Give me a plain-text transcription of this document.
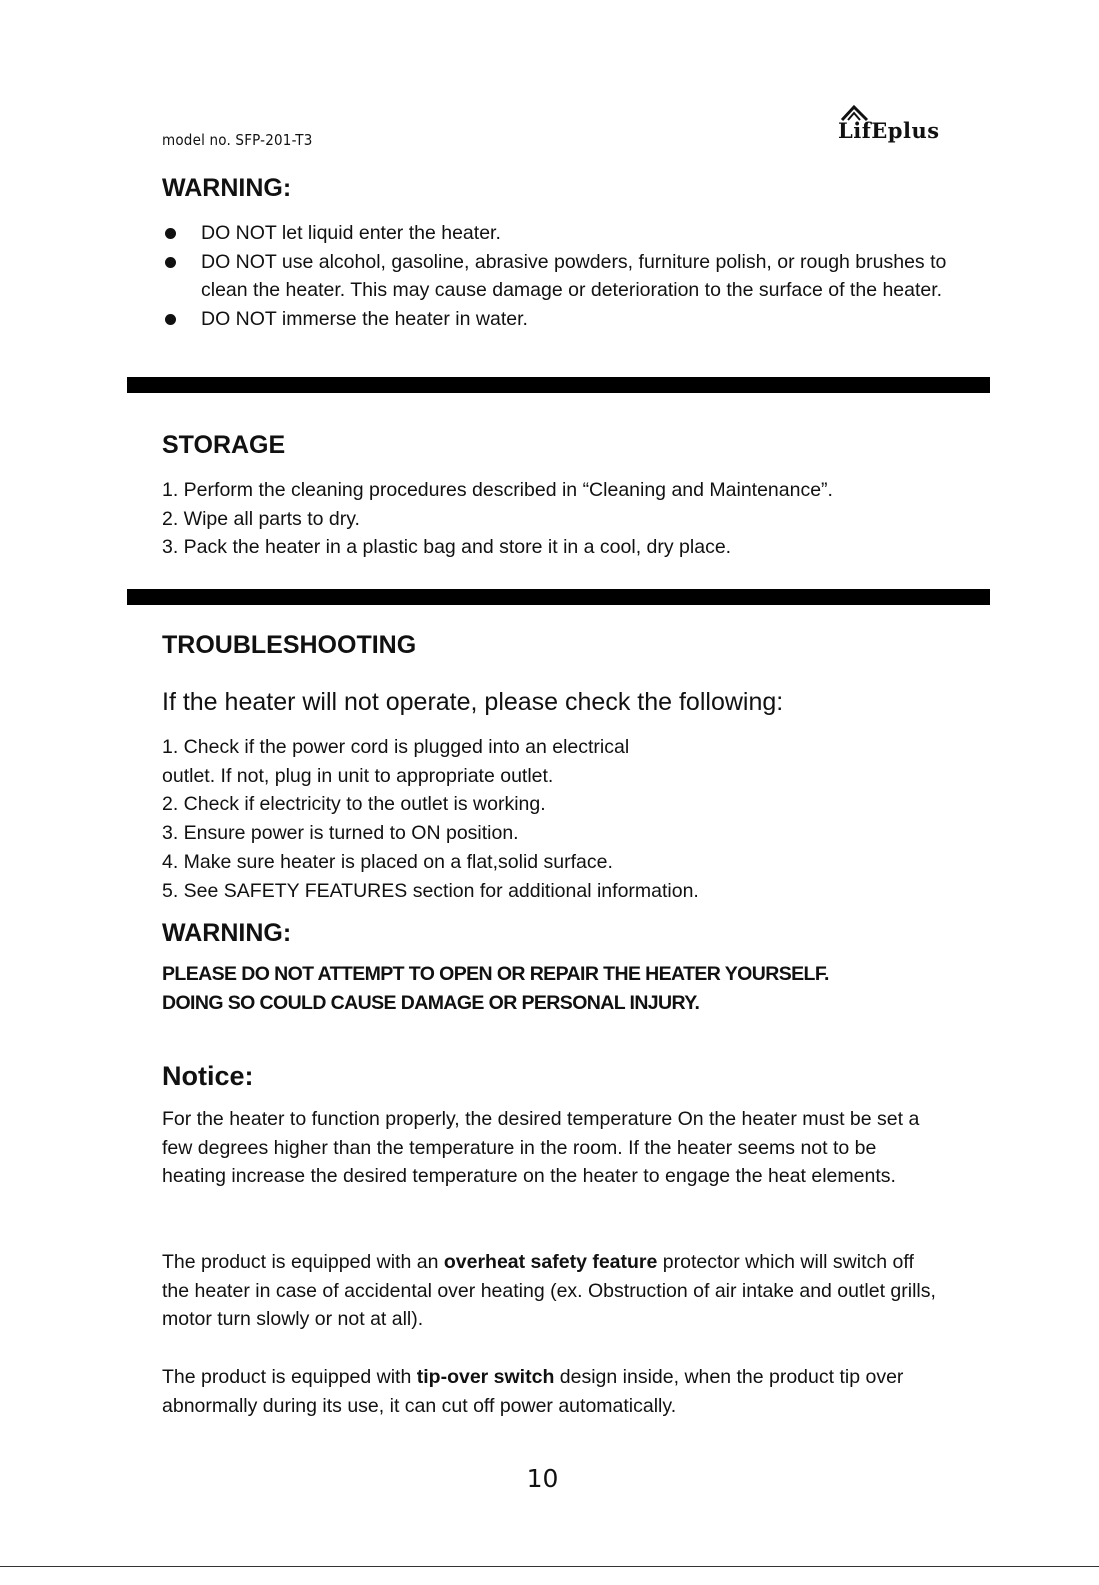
model no. SFP-201-T3	LifEplus
WARNING:
DO NOT let liquid enter the heater.
DO NOT use alcohol, gasoline, abrasive powders, furniture polish, or rough brushes to clean the heater. This may cause damage or deterioration to the surface of the heater.
DO NOT immerse the heater in water.
STORAGE
1. Perform the cleaning procedures described in “Cleaning and Maintenance”.
2. Wipe all parts to dry.
3. Pack the heater in a plastic bag and store it in a cool, dry place.
TROUBLESHOOTING
If the heater will not operate, please check the following:
1. Check if the power cord is plugged into an electrical
outlet. If not, plug in unit to appropriate outlet.
2. Check if electricity to the outlet is working.
3. Ensure power is turned to ON position.
4. Make sure heater is placed on a flat,solid surface.
5. See SAFETY FEATURES section for additional information.
WARNING:
PLEASE DO NOT ATTEMPT TO OPEN OR REPAIR THE HEATER YOURSELF.
DOING SO COULD CAUSE DAMAGE OR PERSONAL INJURY.
Notice:

For the heater to function properly, the desired temperature On the heater must be set a few degrees higher than the temperature in the room. If the heater seems not to be heating increase the desired temperature on the heater to engage the heat elements.

The product is equipped with an overheat safety feature protector which will switch off the heater in case of accidental over heating (ex. Obstruction of air intake and outlet grills, motor turn slowly or not at all).

The product is equipped with tip-over switch design inside, when the product tip over abnormally during its use, it can cut off power automatically.

10
